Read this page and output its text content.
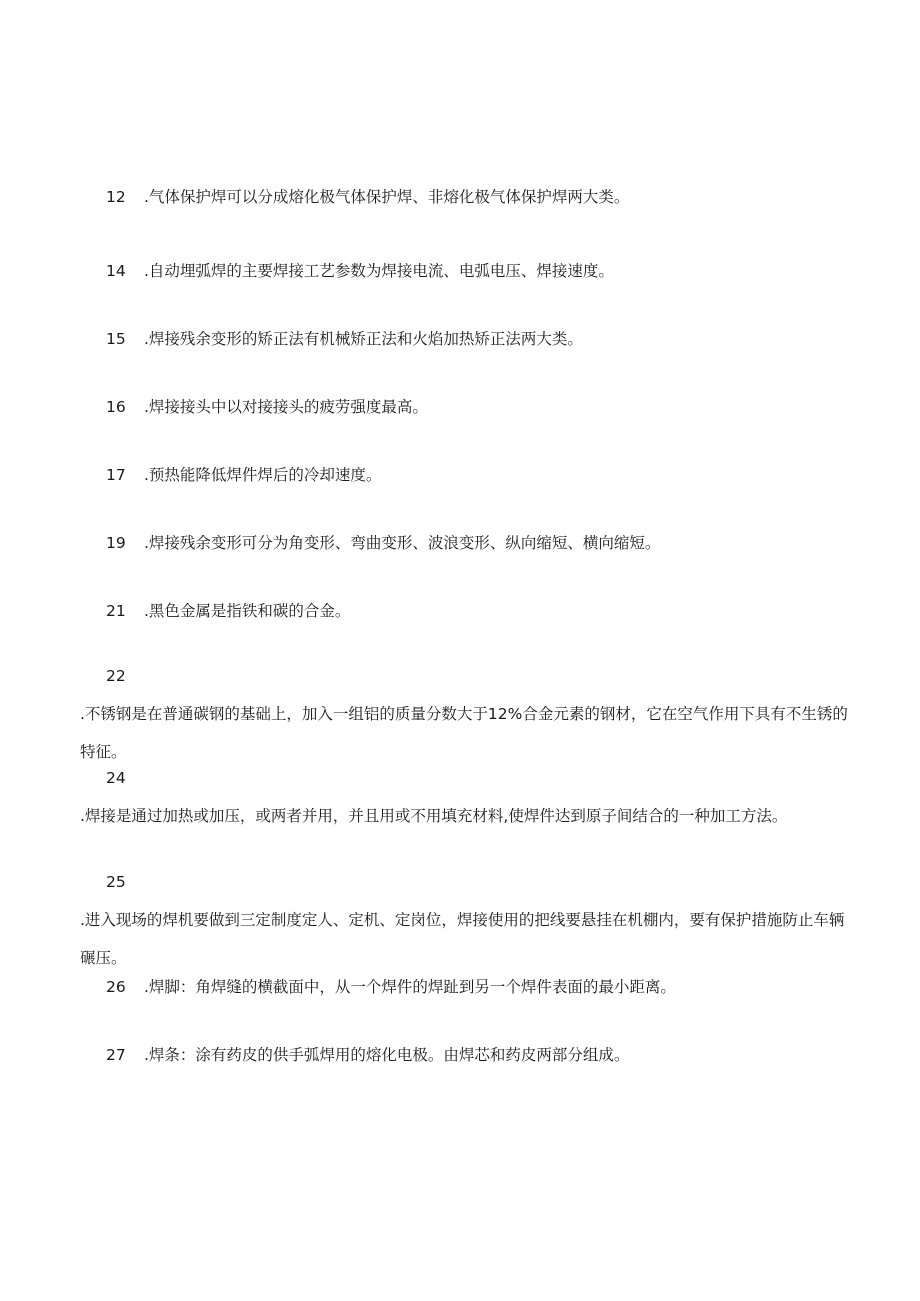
12 .气体保护焊可以分成熔化极气体保护焊、非熔化极气体保护焊两大类。
14 .自动埋弧焊的主要焊接工艺参数为焊接电流、电弧电压、焊接速度。
15 .焊接残余变形的矫正法有机械矫正法和火焰加热矫正法两大类。
16 .焊接接头中以对接接头的疲劳强度最高。
17 .预热能降低焊件焊后的冷却速度。
19 .焊接残余变形可分为角变形、弯曲变形、波浪变形、纵向缩短、横向缩短。
21 .黑色金属是指铁和碳的合金。
22.不锈钢是在普通碳钢的基础上，加入一组铝的质量分数大于12%合金元素的钢材，它在空气作用下具有不生锈的特征。
24.焊接是通过加热或加压，或两者并用，并且用或不用填充材料,使焊件达到原子间结合的一种加工方法。
25.进入现场的焊机要做到三定制度定人、定机、定岗位，焊接使用的把线要悬挂在机棚内，要有保护措施防止车辆碾压。
26 .焊脚：角焊缝的横截面中，从一个焊件的焊趾到另一个焊件表面的最小距离。
27 .焊条：涂有药皮的供手弧焊用的熔化电极。由焊芯和药皮两部分组成。
